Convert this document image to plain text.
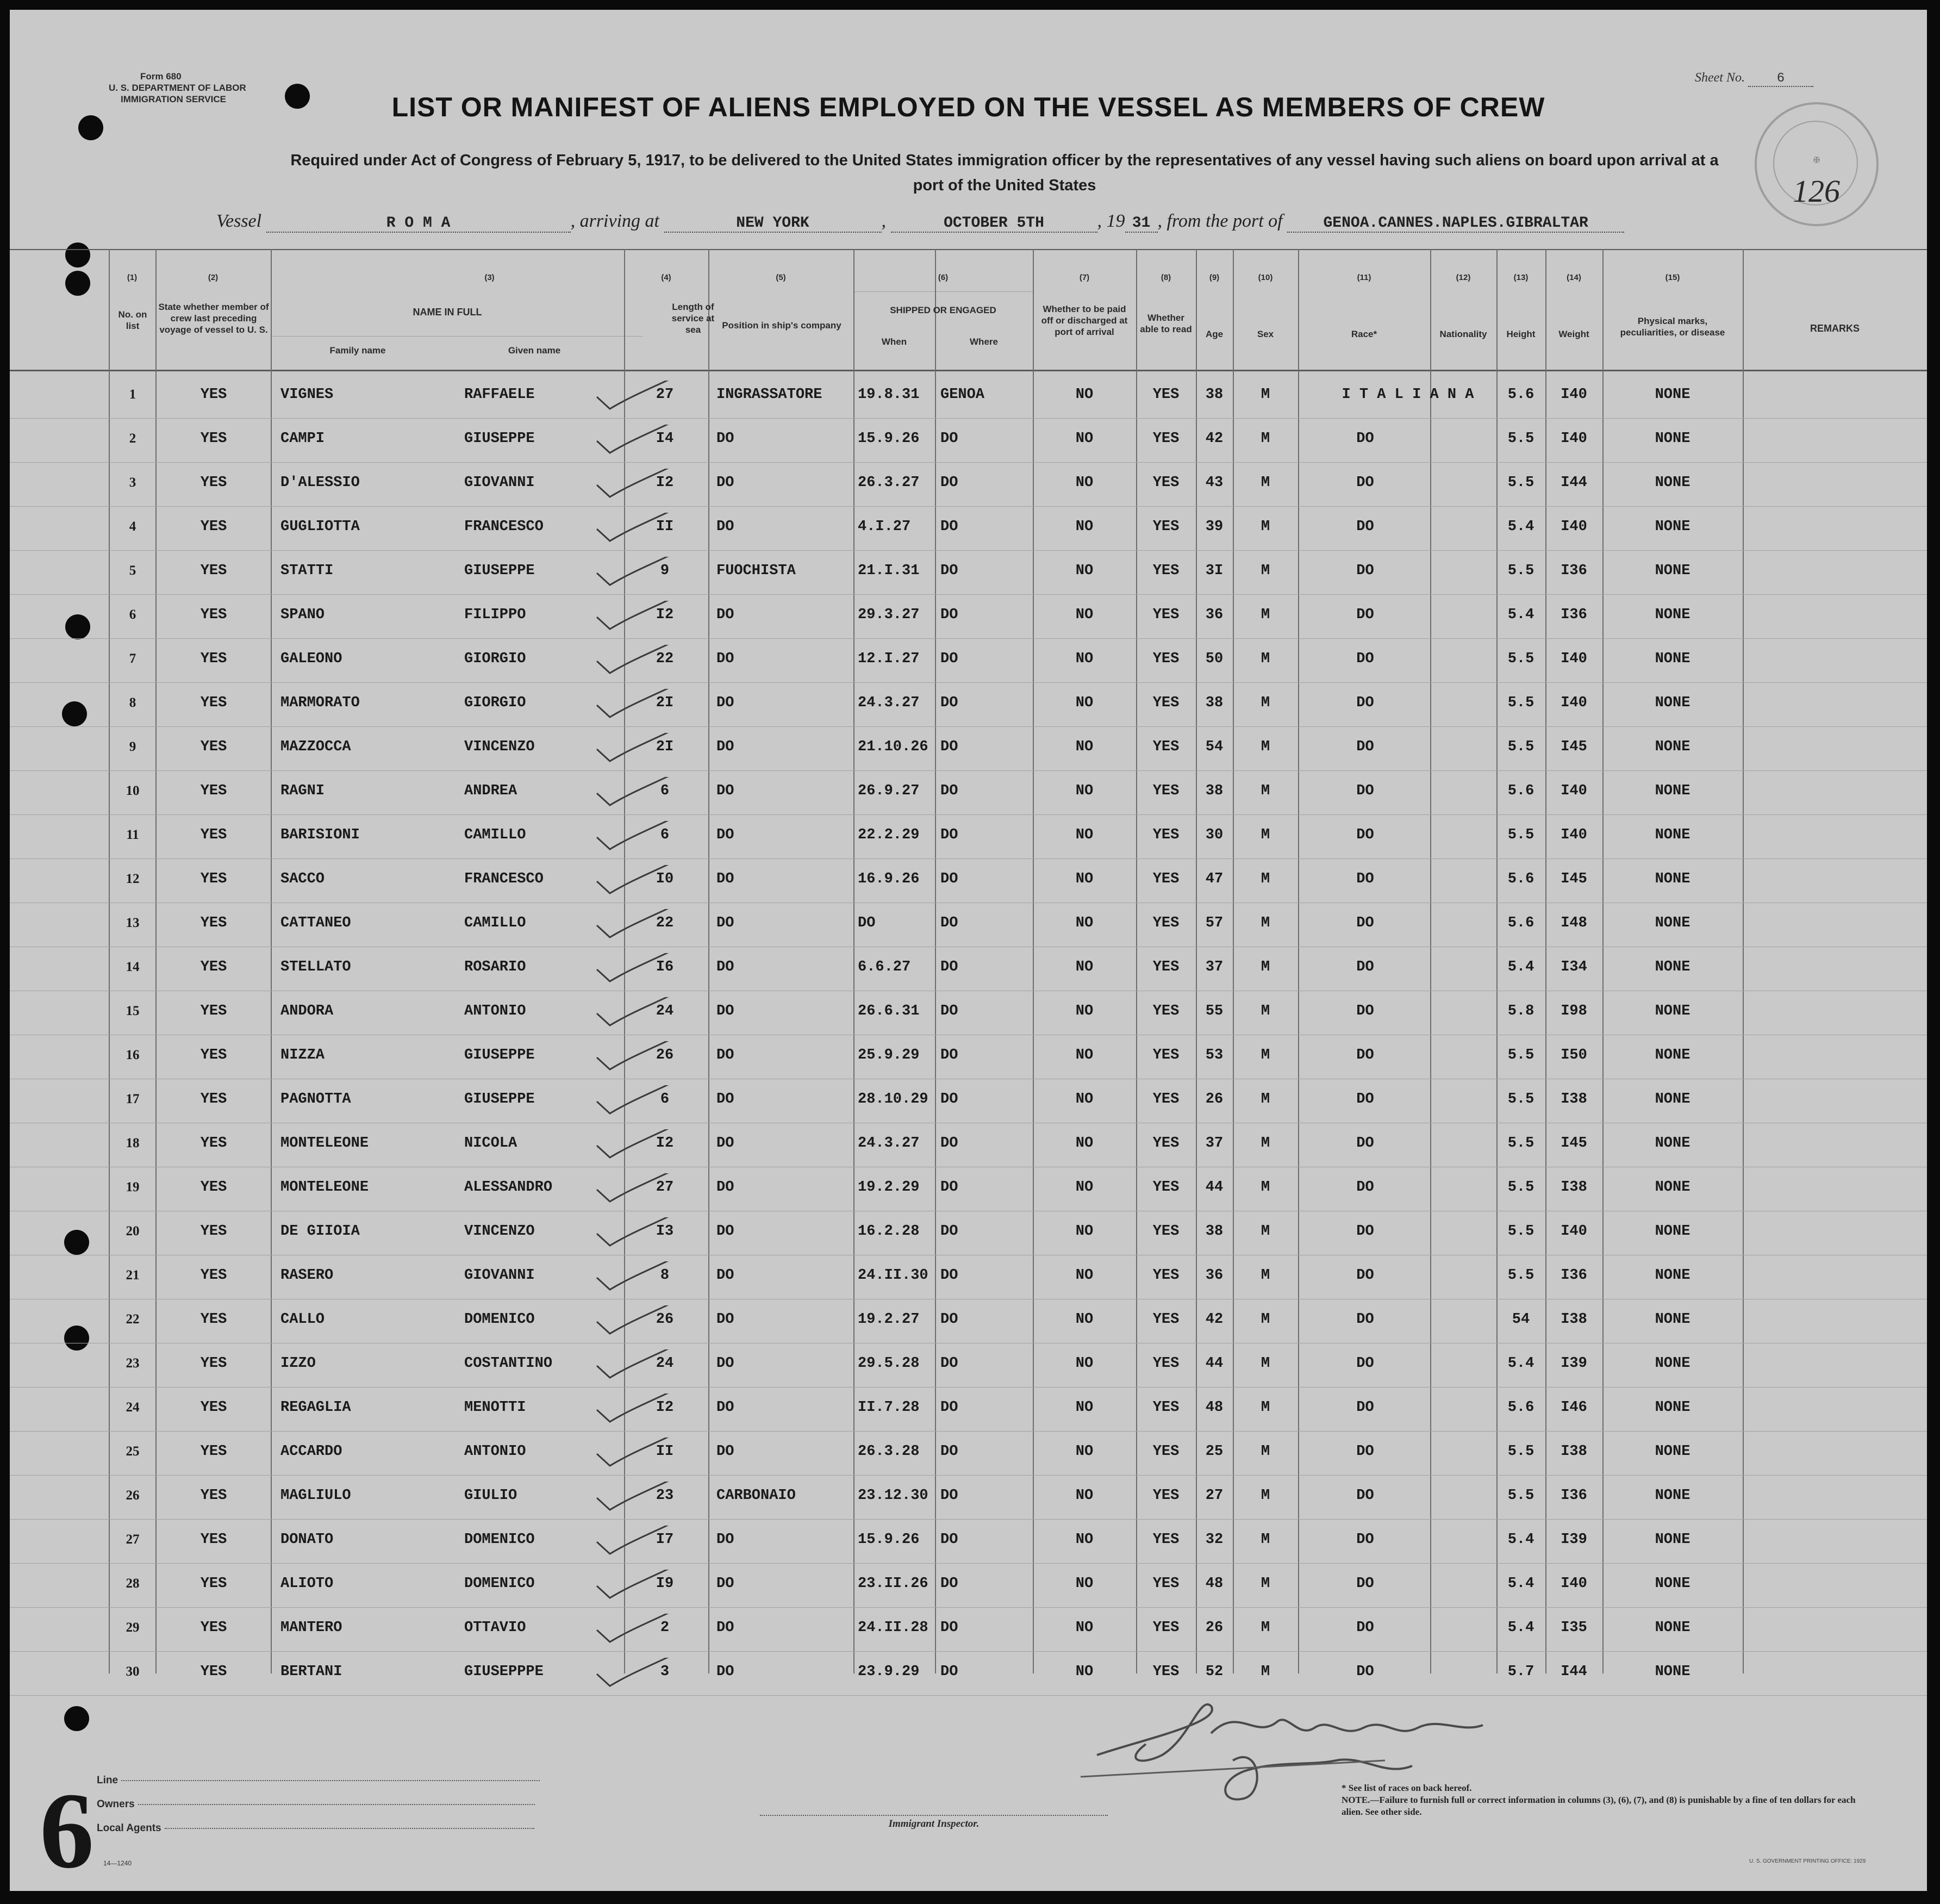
Form 680
U. S. DEPARTMENT OF LABOR
IMMIGRATION SERVICE
Sheet No. 6
LIST OR MANIFEST OF ALIENS EMPLOYED ON THE VESSEL AS MEMBERS OF CREW
Required under Act of Congress of February 5, 1917, to be delivered to the United States immigration officer by the representatives of any vessel having such aliens on board upon arrival at a
port of the United States
✠
126
Vessel	R O M A	, arriving at	NEW YORK	,	OCTOBER 5TH	, 19 31 , from the port of	GENOA.CANNES.NAPLES.GIBRALTAR
(1)	(2)	(3)	(4)	(5)	(6)	(7)	(8)	(9)	(10)	(11)	(12)	(13)	(14)	(15)
No. on list
State whether member of crew last preceding voyage of vessel to U. S.
NAME IN FULL
Family name	Given name
Length of service at sea	Position in ship's company
SHIPPED OR ENGAGED
When	Where
Whether to be paid off or discharged at port of arrival
Whether able to read	Age	Sex	Race*	Nationality	Height	Weight
Physical marks, peculiarities, or disease	REMARKS
1	YES	VIGNES	RAFFAELE	27	INGRASSATORE	19.8.31	GENOA	NO	YES	38	M	I T A L I A N A	5.6	I40	NONE
2	YES	CAMPI	GIUSEPPE	I4	DO	15.9.26	DO	NO	YES	42	M	DO	5.5	I40	NONE
3	YES	D'ALESSIO	GIOVANNI	I2	DO	26.3.27	DO	NO	YES	43	M	DO	5.5	I44	NONE
4	YES	GUGLIOTTA	FRANCESCO	II	DO	4.I.27	DO	NO	YES	39	M	DO	5.4	I40	NONE
5	YES	STATTI	GIUSEPPE	9	FUOCHISTA	21.I.31	DO	NO	YES	3I	M	DO	5.5	I36	NONE
6	YES	SPANO	FILIPPO	I2	DO	29.3.27	DO	NO	YES	36	M	DO	5.4	I36	NONE
7	YES	GALEONO	GIORGIO	22	DO	12.I.27	DO	NO	YES	50	M	DO	5.5	I40	NONE
8	YES	MARMORATO	GIORGIO	2I	DO	24.3.27	DO	NO	YES	38	M	DO	5.5	I40	NONE
9	YES	MAZZOCCA	VINCENZO	2I	DO	21.10.26 DO	NO	YES	54	M	DO	5.5	I45	NONE
10	YES	RAGNI	ANDREA	6	DO	26.9.27	DO	NO	YES	38	M	DO	5.6	I40	NONE
11	YES	BARISIONI	CAMILLO	6	DO	22.2.29	DO	NO	YES	30	M	DO	5.5	I40	NONE
12	YES	SACCO	FRANCESCO	I0	DO	16.9.26	DO	NO	YES	47	M	DO	5.6	I45	NONE
13	YES	CATTANEO	CAMILLO	22	DO	DO	DO	NO	YES	57	M	DO	5.6	I48	NONE
14	YES	STELLATO	ROSARIO	I6	DO	6.6.27	DO	NO	YES	37	M	DO	5.4	I34	NONE
15	YES	ANDORA	ANTONIO	24	DO	26.6.31	DO	NO	YES	55	M	DO	5.8	I98	NONE
16	YES	NIZZA	GIUSEPPE	26	DO	25.9.29	DO	NO	YES	53	M	DO	5.5	I50	NONE
17	YES	PAGNOTTA	GIUSEPPE	6	DO	28.10.29 DO	NO	YES	26	M	DO	5.5	I38	NONE
18	YES	MONTELEONE	NICOLA	I2	DO	24.3.27	DO	NO	YES	37	M	DO	5.5	I45	NONE
19	YES	MONTELEONE	ALESSANDRO	27	DO	19.2.29	DO	NO	YES	44	M	DO	5.5	I38	NONE
20	YES	DE GIIOIA	VINCENZO	I3	DO	16.2.28	DO	NO	YES	38	M	DO	5.5	I40	NONE
21	YES	RASERO	GIOVANNI	8	DO	24.II.30 DO	NO	YES	36	M	DO	5.5	I36	NONE
22	YES	CALLO	DOMENICO	26	DO	19.2.27	DO	NO	YES	42	M	DO	54	I38	NONE
23	YES	IZZO	COSTANTINO	24	DO	29.5.28	DO	NO	YES	44	M	DO	5.4	I39	NONE
24	YES	REGAGLIA	MENOTTI	I2	DO	II.7.28	DO	NO	YES	48	M	DO	5.6	I46	NONE
25	YES	ACCARDO	ANTONIO	II	DO	26.3.28	DO	NO	YES	25	M	DO	5.5	I38	NONE
26	YES	MAGLIULO	GIULIO	23	CARBONAIO	23.12.30 DO	NO	YES	27	M	DO	5.5	I36	NONE
27	YES	DONATO	DOMENICO	I7	DO	15.9.26	DO	NO	YES	32	M	DO	5.4	I39	NONE
28	YES	ALIOTO	DOMENICO	I9	DO	23.II.26 DO	NO	YES	48	M	DO	5.4	I40	NONE
29	YES	MANTERO	OTTAVIO	2	DO	24.II.28 DO	NO	YES	26	M	DO	5.4	I35	NONE
30	YES	BERTANI	GIUSEPPPE	3	DO	23.9.29	DO	NO	YES	52	M	DO	5.7	I44	NONE
6 Line
Owners
Local Agents
14—1240
Immigrant Inspector.
* See list of races on back hereof.
NOTE.—Failure to furnish full or correct information in columns (3), (6), (7), and (8) is punishable by a fine of ten dollars for each alien. See other side.
U. S. GOVERNMENT PRINTING OFFICE: 1929
